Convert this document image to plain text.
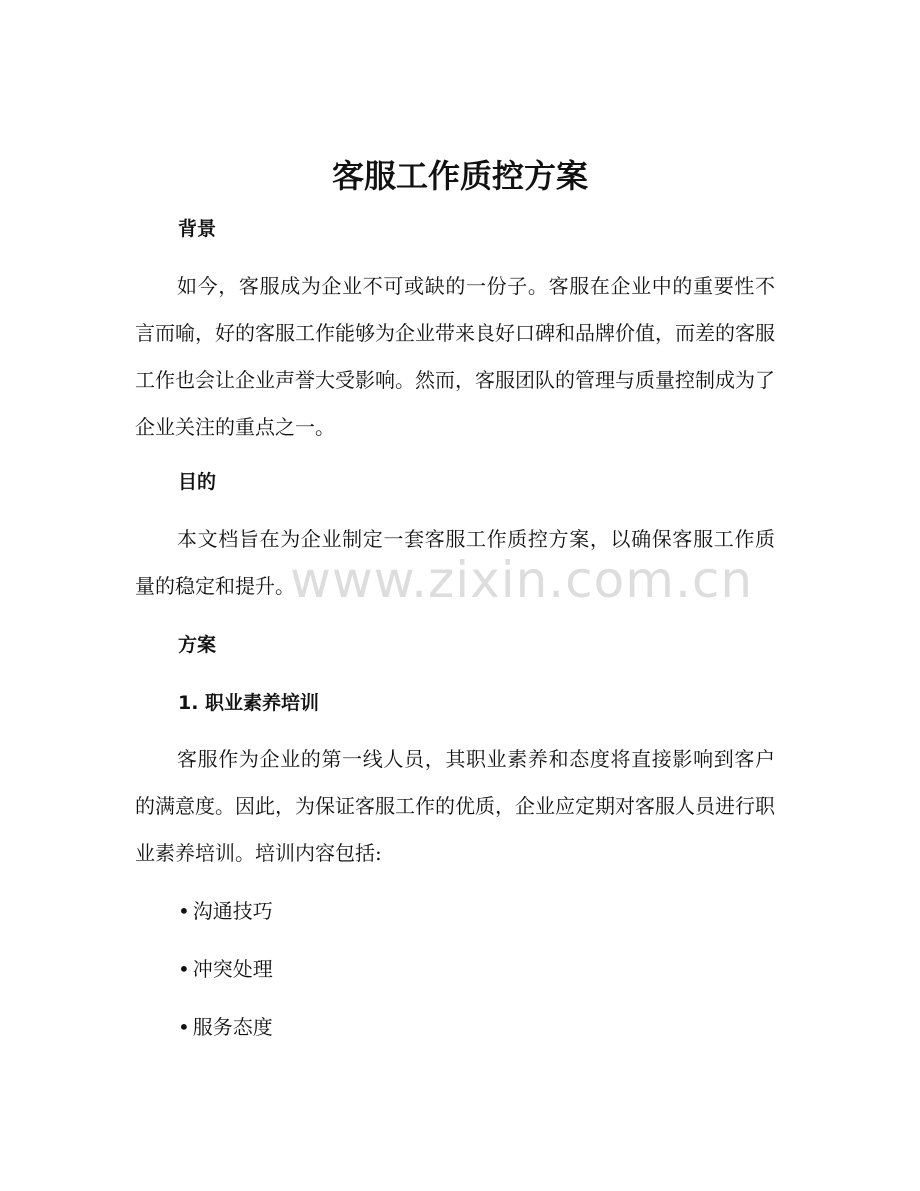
客服工作质控方案
背景

如今，客服成为企业不可或缺的一份子。客服在企业中的重要性不言而喻，好的客服工作能够为企业带来良好口碑和品牌价值，而差的客服工作也会让企业声誉大受影响。然而，客服团队的管理与质量控制成为了企业关注的重点之一。

目的

本文档旨在为企业制定一套客服工作质控方案，以确保客服工作质量的稳定和提升。

方案
1. 职业素养培训

客服作为企业的第一线人员，其职业素养和态度将直接影响到客户的满意度。因此，为保证客服工作的优质，企业应定期对客服人员进行职业素养培训。培训内容包括:

• 沟通技巧
• 冲突处理
• 服务态度
www.zixin.com.cn
